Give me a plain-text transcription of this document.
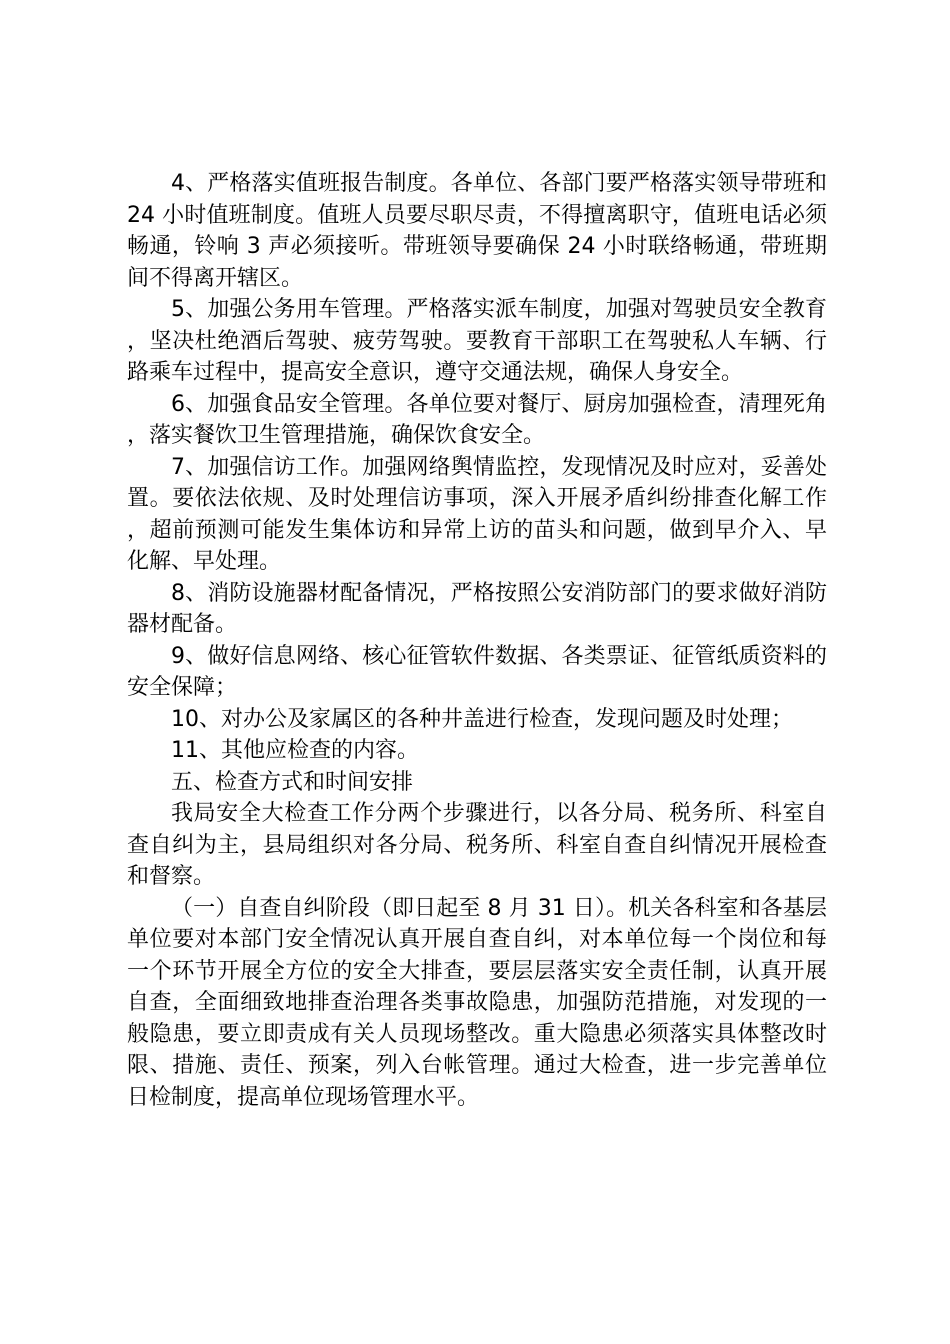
4、严格落实值班报告制度。各单位、各部门要严格落实领导带班和 24 小时值班制度。值班人员要尽职尽责，不得擅离职守，值班电话必须畅通，铃响 3 声必须接听。带班领导要确保 24 小时联络畅通，带班期间不得离开辖区。

5、加强公务用车管理。严格落实派车制度，加强对驾驶员安全教育，坚决杜绝酒后驾驶、疲劳驾驶。要教育干部职工在驾驶私人车辆、行路乘车过程中，提高安全意识，遵守交通法规，确保人身安全。

6、加强食品安全管理。各单位要对餐厅、厨房加强检查，清理死角，落实餐饮卫生管理措施，确保饮食安全。

7、加强信访工作。加强网络舆情监控，发现情况及时应对，妥善处置。要依法依规、及时处理信访事项，深入开展矛盾纠纷排查化解工作，超前预测可能发生集体访和异常上访的苗头和问题，做到早介入、早化解、早处理。

8、消防设施器材配备情况，严格按照公安消防部门的要求做好消防器材配备。

9、做好信息网络、核心征管软件数据、各类票证、征管纸质资料的安全保障；

10、对办公及家属区的各种井盖进行检查，发现问题及时处理；

11、其他应检查的内容。

五、检查方式和时间安排

我局安全大检查工作分两个步骤进行，以各分局、税务所、科室自查自纠为主，县局组织对各分局、税务所、科室自查自纠情况开展检查和督察。

（一）自查自纠阶段（即日起至 8 月 31 日）。机关各科室和各基层单位要对本部门安全情况认真开展自查自纠，对本单位每一个岗位和每一个环节开展全方位的安全大排查，要层层落实安全责任制，认真开展自查，全面细致地排查治理各类事故隐患，加强防范措施，对发现的一般隐患，要立即责成有关人员现场整改。重大隐患必须落实具体整改时限、措施、责任、预案，列入台帐管理。通过大检查，进一步完善单位日检制度，提高单位现场管理水平。
